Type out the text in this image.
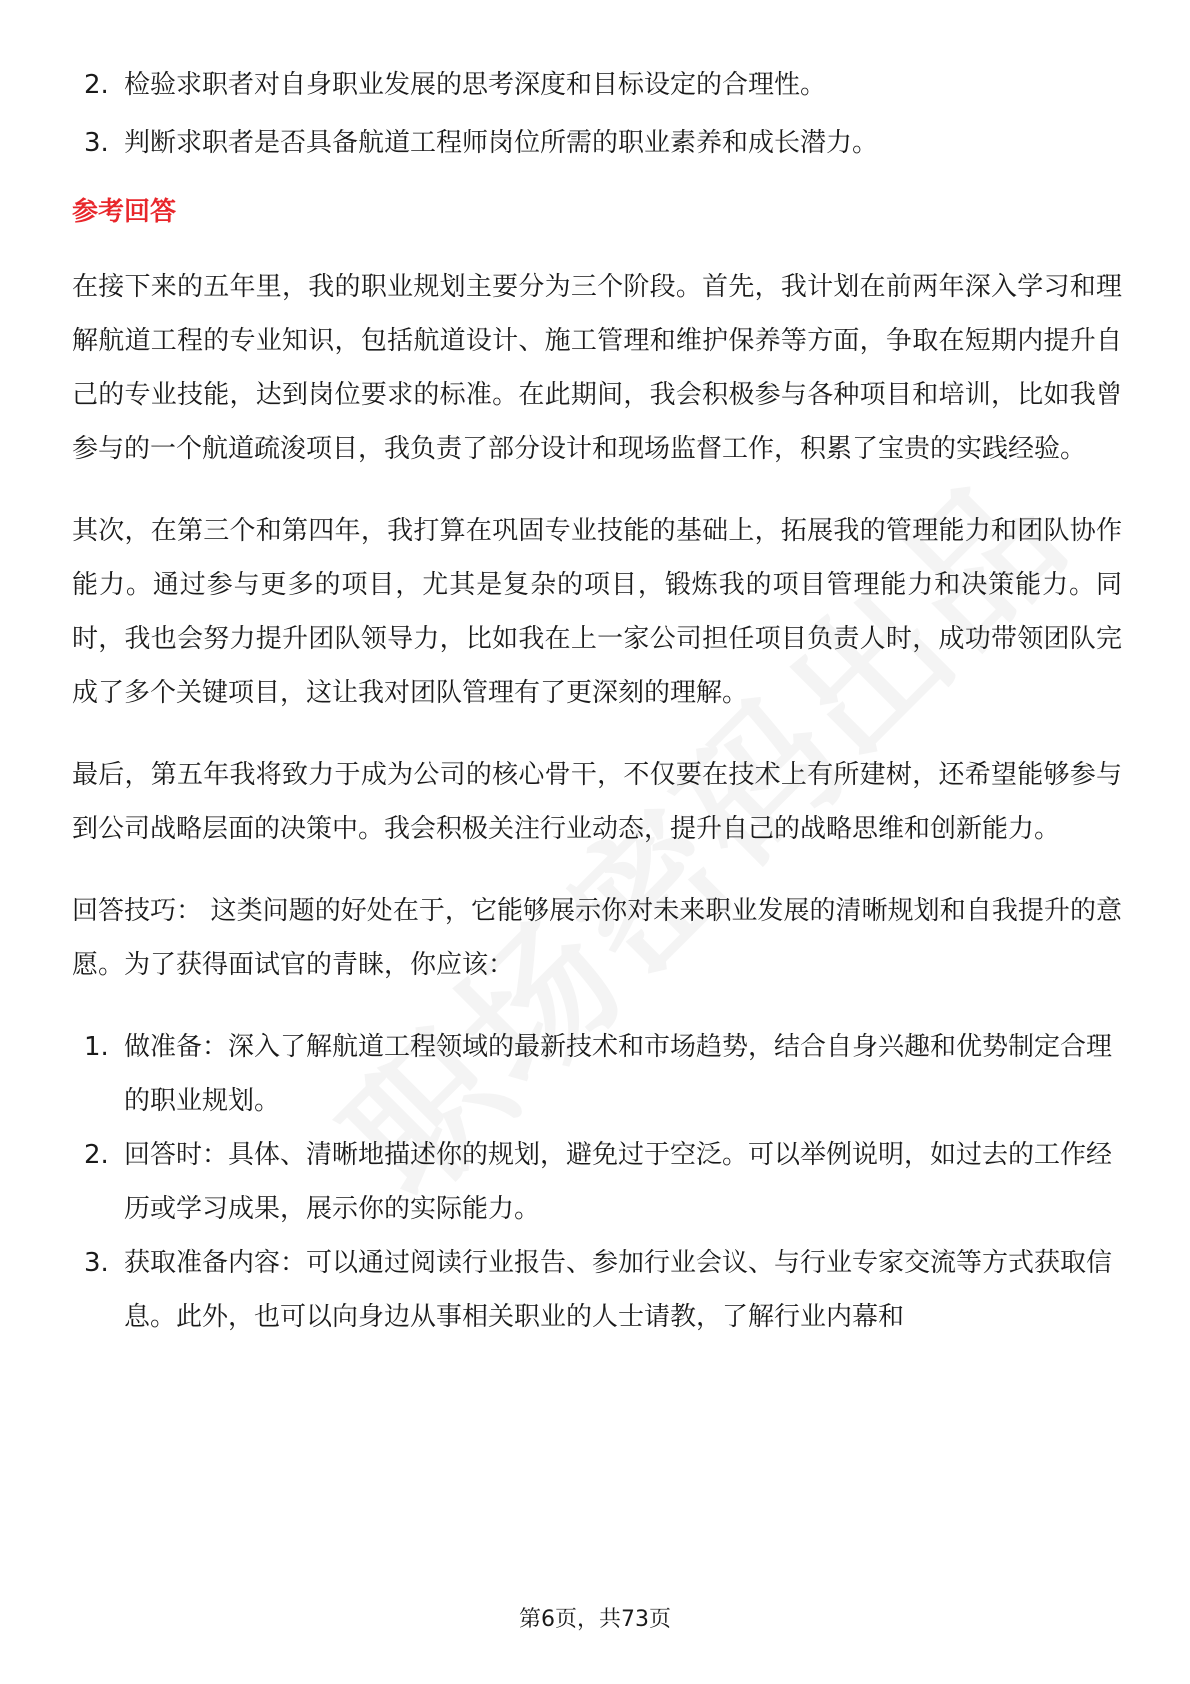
2. 检验求职者对自身职业发展的思考深度和目标设定的合理性。
3. 判断求职者是否具备航道工程师岗位所需的职业素养和成长潜力。
参考回答

在接下来的五年里，我的职业规划主要分为三个阶段。首先，我计划在前两年深入学习和理解航道工程的专业知识，包括航道设计、施工管理和维护保养等方面，争取在短期内提升自己的专业技能，达到岗位要求的标准。在此期间，我会积极参与各种项目和培训，比如我曾参与的一个航道疏浚项目，我负责了部分设计和现场监督工作，积累了宝贵的实践经验。

其次，在第三个和第四年，我打算在巩固专业技能的基础上，拓展我的管理能力和团队协作能力。通过参与更多的项目，尤其是复杂的项目，锻炼我的项目管理能力和决策能力。同时，我也会努力提升团队领导力，比如我在上一家公司担任项目负责人时，成功带领团队完成了多个关键项目，这让我对团队管理有了更深刻的理解。

最后，第五年我将致力于成为公司的核心骨干，不仅要在技术上有所建树，还希望能够参与到公司战略层面的决策中。我会积极关注行业动态，提升自己的战略思维和创新能力。

回答技巧： 这类问题的好处在于，它能够展示你对未来职业发展的清晰规划和自我提升的意愿。为了获得面试官的青睐，你应该：

1. 做准备：深入了解航道工程领域的最新技术和市场趋势，结合自身兴趣和优势制定合理的职业规划。
2. 回答时：具体、清晰地描述你的规划，避免过于空泛。可以举例说明，如过去的工作经历或学习成果，展示你的实际能力。
3. 获取准备内容：可以通过阅读行业报告、参加行业会议、与行业专家交流等方式获取信息。此外，也可以向身边从事相关职业的人士请教，了解行业内幕和
第6页，共73页
